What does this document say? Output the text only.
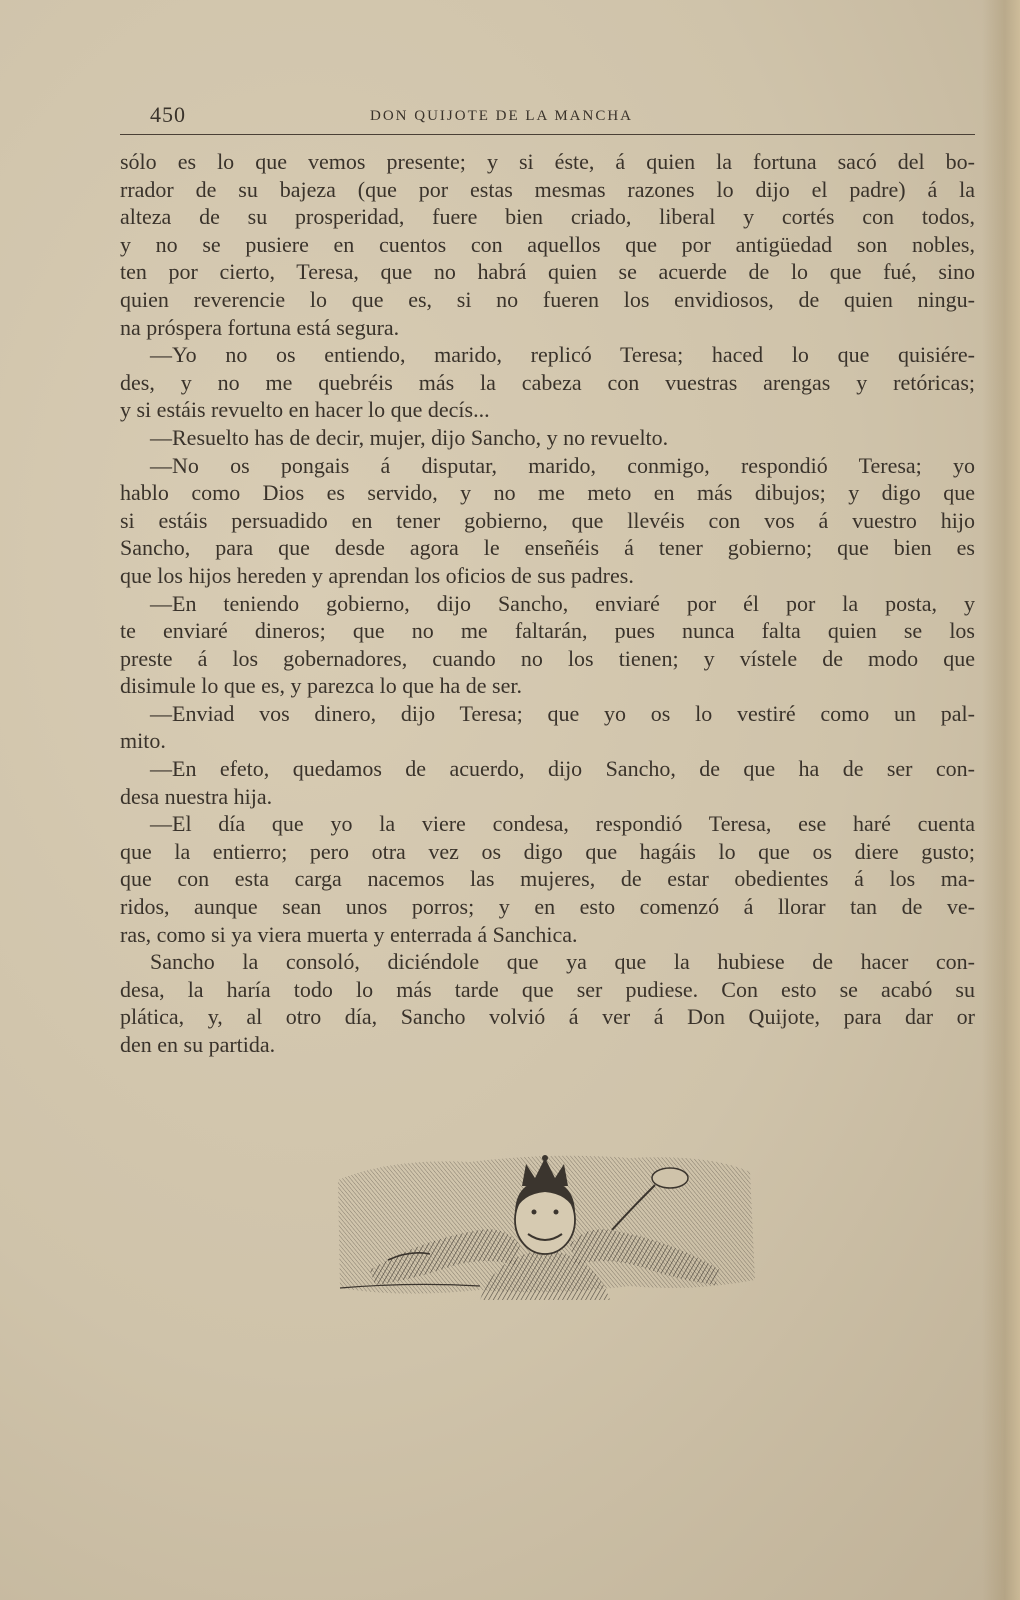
450	DON QUIJOTE DE LA MANCHA
sólo es lo que vemos presente; y si éste, á quien la fortuna sacó del bo-
rrador de su bajeza (que por estas mesmas razones lo dijo el padre) á la
alteza de su prosperidad, fuere bien criado, liberal y cortés con todos,
y no se pusiere en cuentos con aquellos que por antigüedad son nobles,
ten por cierto, Teresa, que no habrá quien se acuerde de lo que fué, sino
quien reverencie lo que es, si no fueren los envidiosos, de quien ningu-
na próspera fortuna está segura.
—Yo no os entiendo, marido, replicó Teresa; haced lo que quisiére-
des, y no me quebréis más la cabeza con vuestras arengas y retóricas;
y si estáis revuelto en hacer lo que decís...
—Resuelto has de decir, mujer, dijo Sancho, y no revuelto.
—No os pongais á disputar, marido, conmigo, respondió Teresa; yo
hablo como Dios es servido, y no me meto en más dibujos; y digo que
si estáis persuadido en tener gobierno, que llevéis con vos á vuestro hijo
Sancho, para que desde agora le enseñéis á tener gobierno; que bien es
que los hijos hereden y aprendan los oficios de sus padres.
—En teniendo gobierno, dijo Sancho, enviaré por él por la posta, y
te enviaré dineros; que no me faltarán, pues nunca falta quien se los
preste á los gobernadores, cuando no los tienen; y vístele de modo que
disimule lo que es, y parezca lo que ha de ser.
—Enviad vos dinero, dijo Teresa; que yo os lo vestiré como un pal-
mito.
—En efeto, quedamos de acuerdo, dijo Sancho, de que ha de ser con-
desa nuestra hija.
—El día que yo la viere condesa, respondió Teresa, ese haré cuenta
que la entierro; pero otra vez os digo que hagáis lo que os diere gusto;
que con esta carga nacemos las mujeres, de estar obedientes á los ma-
ridos, aunque sean unos porros; y en esto comenzó á llorar tan de ve-
ras, como si ya viera muerta y enterrada á Sanchica.
Sancho la consoló, diciéndole que ya que la hubiese de hacer con-
desa, la haría todo lo más tarde que ser pudiese. Con esto se acabó su
plática, y, al otro día, Sancho volvió á ver á Don Quijote, para dar or
den en su partida.
